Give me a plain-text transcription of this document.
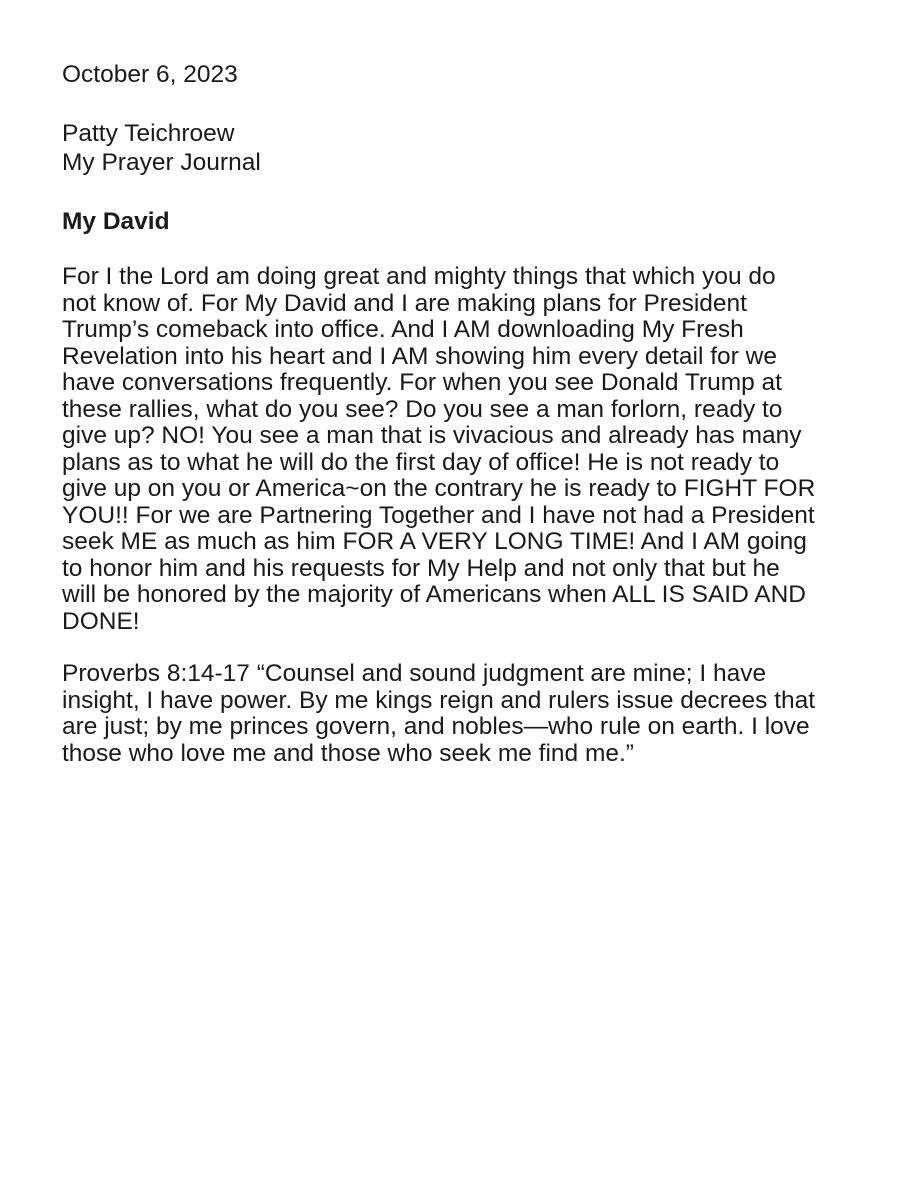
October 6, 2023

Patty Teichroew

My Prayer Journal

My David

For I the Lord am doing great and mighty things that which you do
not know of. For My David and I are making plans for President
Trump’s comeback into office. And I AM downloading My Fresh
Revelation into his heart and I AM showing him every detail for we
have conversations frequently. For when you see Donald Trump at
these rallies, what do you see? Do you see a man forlorn, ready to
give up? NO! You see a man that is vivacious and already has many
plans as to what he will do the first day of office! He is not ready to
give up on you or America~on the contrary he is ready to FIGHT FOR
YOU!! For we are Partnering Together and I have not had a President
seek ME as much as him FOR A VERY LONG TIME! And I AM going
to honor him and his requests for My Help and not only that but he
will be honored by the majority of Americans when ALL IS SAID AND
DONE!
Proverbs 8:14-17 “Counsel and sound judgment are mine; I have
insight, I have power. By me kings reign and rulers issue decrees that
are just; by me princes govern, and nobles—who rule on earth. I love
those who love me and those who seek me find me.”
